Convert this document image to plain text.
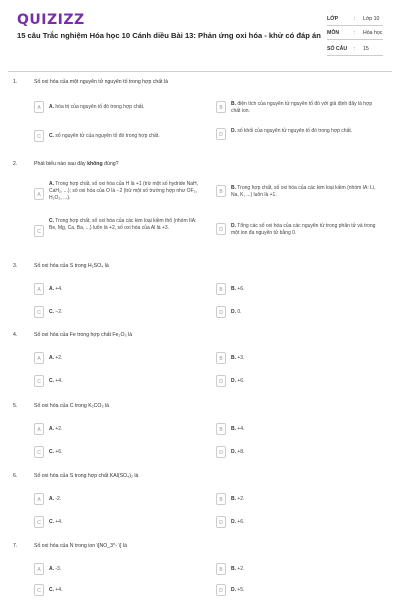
QUIZIZZ
15 câu Trắc nghiệm Hóa học 10 Cánh diều Bài 13: Phản ứng oxi hóa - khử có đáp án
LỚP	: Lớp 10
MÔN	: Hóa học
SỐ CÂU : 15
1.	Số oxi hóa của một nguyên tử nguyên tố trong hợp chất là
A	A. hóa trị của nguyên tố đó trong hợp chất.	B
B. điện tích của nguyên tử nguyên tố đó với giả định đây là hợp chất ion.
C	C. số nguyên tử của nguyên tố đó trong hợp chất.	D
D. số khối của nguyên tử nguyên tố đó trong hợp chất.
2.	Phát biểu nào sau đây không đúng?
A
A. Trong hợp chất, số oxi hóa của H là +1 (trừ một số hydride NaH, CaH₂, ...); số oxi hóa của O là −2 (trừ một số trường hợp như OF₂, H₂O₂, ...).
B
B. Trong hợp chất, số oxi hóa của các kim loại kiềm (nhóm IA: Li, Na, K, ...) luôn là +1.
C
C. Trong hợp chất, số oxi hóa của các kim loại kiềm thổ (nhóm IIA: Be, Mg, Ca, Ba, ...) luôn là +2, số oxi hóa của Al là +3.	D
D. Tổng các số oxi hóa của các nguyên tử trong phân tử và trong một ion đa nguyên tử bằng 0.
3.	Số oxi hóa của S trong H₂SO₄ là
A	A. +4.	B	B. +6.
C	C. −2.	D	D. 0.
4.	Số oxi hóa của Fe trong hợp chất Fe₂O₃ là
A	A. +2.	B	B. +3.
C	C. +4.	D	D. +6.
5.	Số oxi hóa của C trong K₂CO₃ là
A	A. +2.	B	B. +4.
C	C. +6.	D	D. +8.
6.	Số oxi hóa của S trong hợp chất KAl(SO₄)₂ là
A	A. -2.	B	B. +2.
C	C. +4.	D	D. +6.
7.	Số oxi hóa của N trong ion \[NO_3^- \] là
A	A. -3.	B	B. +2.
C	C. +4.	D	D. +5.
